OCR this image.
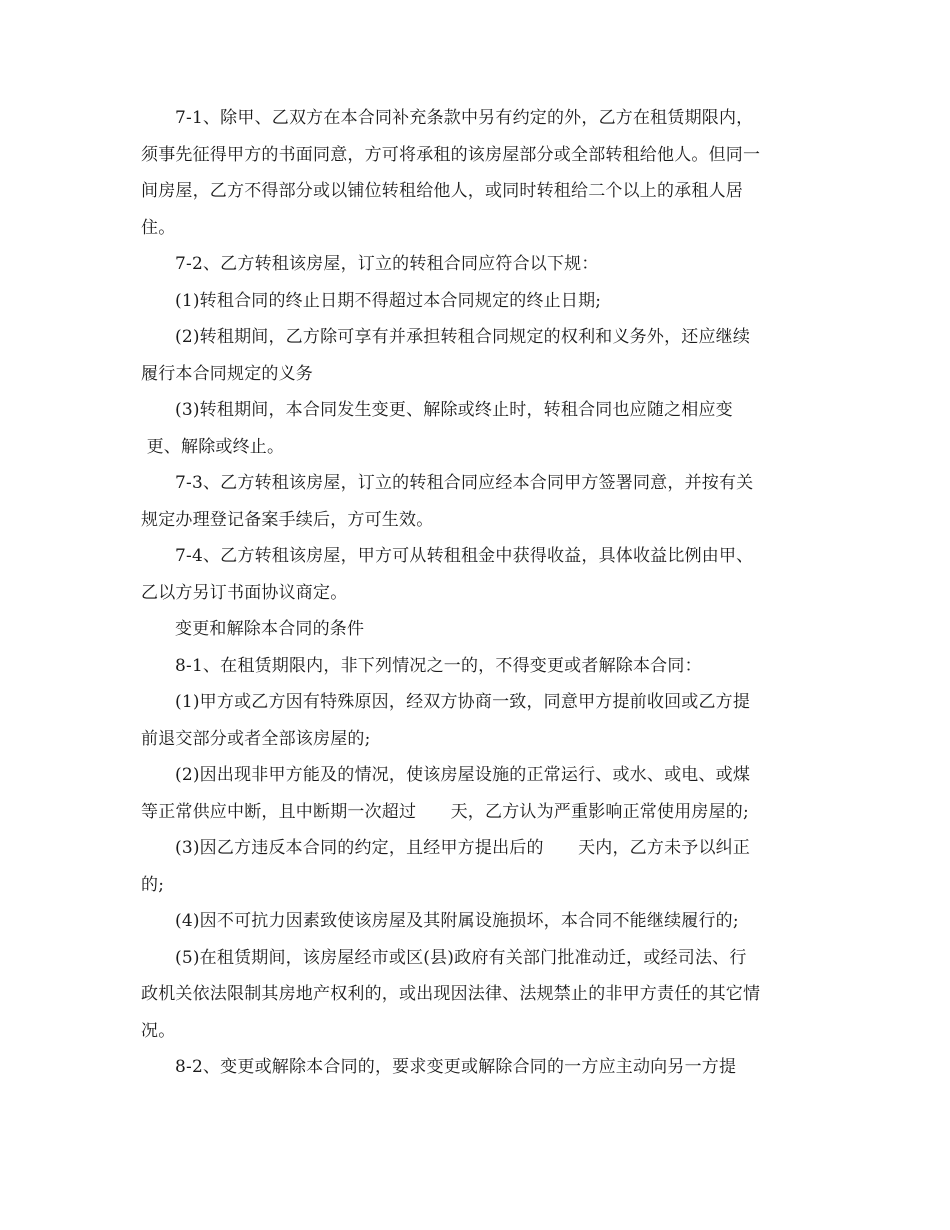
7-1、除甲、乙双方在本合同补充条款中另有约定的外，乙方在租赁期限内，
须事先征得甲方的书面同意，方可将承租的该房屋部分或全部转租给他人。但同一
间房屋，乙方不得部分或以铺位转租给他人，或同时转租给二个以上的承租人居
住。

7-2、乙方转租该房屋，订立的转租合同应符合以下规：

(1)转租合同的终止日期不得超过本合同规定的终止日期;

(2)转租期间，乙方除可享有并承担转租合同规定的权利和义务外，还应继续
履行本合同规定的义务

(3)转租期间，本合同发生变更、解除或终止时，转租合同也应随之相应变
更、解除或终止。

7-3、乙方转租该房屋，订立的转租合同应经本合同甲方签署同意，并按有关
规定办理登记备案手续后，方可生效。

7-4、乙方转租该房屋，甲方可从转租租金中获得收益，具体收益比例由甲、
乙以方另订书面协议商定。

变更和解除本合同的条件

8-1、在租赁期限内，非下列情况之一的，不得变更或者解除本合同：

(1)甲方或乙方因有特殊原因，经双方协商一致，同意甲方提前收回或乙方提
前退交部分或者全部该房屋的;

(2)因出现非甲方能及的情况，使该房屋设施的正常运行、或水、或电、或煤
等正常供应中断，且中断期一次超过　　天，乙方认为严重影响正常使用房屋的;

(3)因乙方违反本合同的约定，且经甲方提出后的　　天内，乙方未予以纠正
的;

(4)因不可抗力因素致使该房屋及其附属设施损坏，本合同不能继续履行的;

(5)在租赁期间，该房屋经市或区(县)政府有关部门批准动迁，或经司法、行
政机关依法限制其房地产权利的，或出现因法律、法规禁止的非甲方责任的其它情
况。

8-2、变更或解除本合同的，要求变更或解除合同的一方应主动向另一方提
